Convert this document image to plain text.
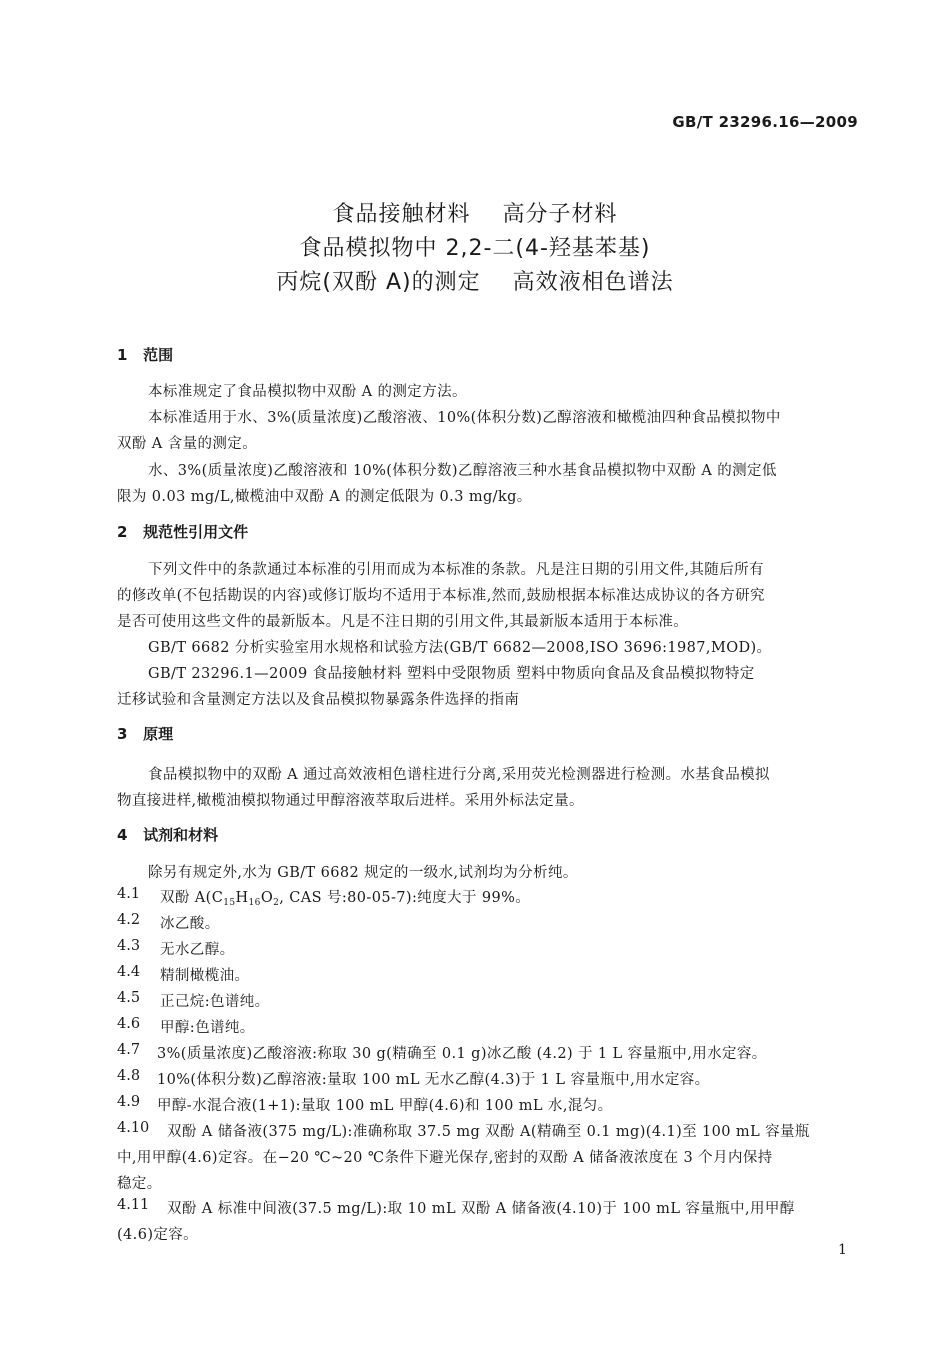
GB/T 23296.16—2009
食品接触材料    高分子材料
食品模拟物中 2,2-二(4-羟基苯基)
丙烷(双酚 A)的测定    高效液相色谱法
1   范围
本标准规定了食品模拟物中双酚 A 的测定方法。
本标准适用于水、3%(质量浓度)乙酸溶液、10%(体积分数)乙醇溶液和橄榄油四种食品模拟物中
双酚 A 含量的测定。
水、3%(质量浓度)乙酸溶液和 10%(体积分数)乙醇溶液三种水基食品模拟物中双酚 A 的测定低
限为 0.03 mg/L,橄榄油中双酚 A 的测定低限为 0.3 mg/kg。
2   规范性引用文件
下列文件中的条款通过本标准的引用而成为本标准的条款。凡是注日期的引用文件,其随后所有
的修改单(不包括勘误的内容)或修订版均不适用于本标准,然而,鼓励根据本标准达成协议的各方研究
是否可使用这些文件的最新版本。凡是不注日期的引用文件,其最新版本适用于本标准。
GB/T 6682 分析实验室用水规格和试验方法(GB/T 6682—2008,ISO 3696:1987,MOD)。
GB/T 23296.1—2009 食品接触材料 塑料中受限物质 塑料中物质向食品及食品模拟物特定
迁移试验和含量测定方法以及食品模拟物暴露条件选择的指南
3   原理
食品模拟物中的双酚 A 通过高效液相色谱柱进行分离,采用荧光检测器进行检测。水基食品模拟
物直接进样,橄榄油模拟物通过甲醇溶液萃取后进样。采用外标法定量。
4   试剂和材料
除另有规定外,水为 GB/T 6682 规定的一级水,试剂均为分析纯。
4.1 双酚 $A(C_{15}H_{16}O_2$, CAS 号:80-05-7):纯度大于 99%。
4.2 冰乙酸。
4.3 无水乙醇。
4.4 精制橄榄油。
4.5 正己烷:色谱纯。
4.6 甲醇:色谱纯。
4.7 3%(质量浓度)乙酸溶液:称取 30 g(精确至 0.1 g)冰乙酸 (4.2) 于 1 L 容量瓶中,用水定容。
4.8 10%(体积分数)乙醇溶液:量取 100 mL 无水乙醇(4.3)于 1 L 容量瓶中,用水定容。
4.9 甲醇-水混合液(1+1):量取 100 mL 甲醇(4.6)和 100 mL 水,混匀。
4.10 双酚 A 储备液(375 mg/L):准确称取 37.5 mg 双酚 A(精确至 0.1 mg)(4.1)至 100 mL 容量瓶
中,用甲醇(4.6)定容。在−20 ℃~20 ℃条件下避光保存,密封的双酚 A 储备液浓度在 3 个月内保持
稳定。
4.11 双酚 A 标准中间液(37.5 mg/L):取 10 mL 双酚 A 储备液(4.10)于 100 mL 容量瓶中,用甲醇
(4.6)定容。
1
